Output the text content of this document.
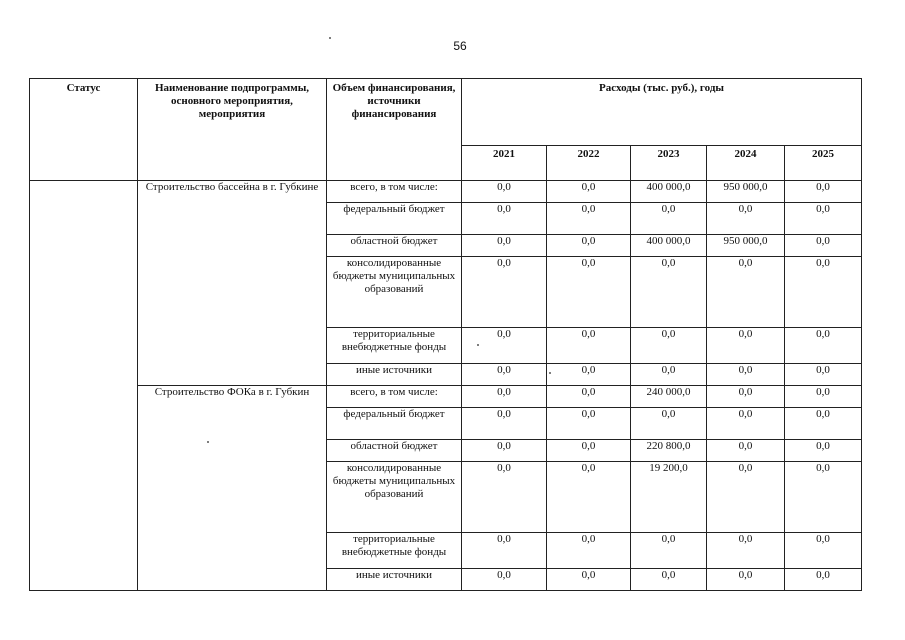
56
Статус	Наименование подпрограммы, основного мероприятия, мероприятия	Объем финансирования, источники финансирования	Расходы (тыс. руб.), годы				
			2021	2022	2023	2024	2025
	Строительство бассейна в г. Губкине	всего, в том числе:	0,0	0,0	400 000,0	950 000,0	0,0
		федеральный бюджет	0,0	0,0	0,0	0,0	0,0
		областной бюджет	0,0	0,0	400 000,0	950 000,0	0,0
		консолидированные бюджеты муниципальных образований	0,0	0,0	0,0	0,0	0,0
		территориальные внебюджетные фонды	0,0	0,0	0,0	0,0	0,0
		иные источники	0,0	0,0	0,0	0,0	0,0
	Строительство ФОКа в г. Губкин	всего, в том числе:	0,0	0,0	240 000,0	0,0	0,0
		федеральный бюджет	0,0	0,0	0,0	0,0	0,0
		областной бюджет	0,0	0,0	220 800,0	0,0	0,0
		консолидированные бюджеты муниципальных образований	0,0	0,0	19 200,0	0,0	0,0
		территориальные внебюджетные фонды	0,0	0,0	0,0	0,0	0,0
		иные источники	0,0	0,0	0,0	0,0	0,0
